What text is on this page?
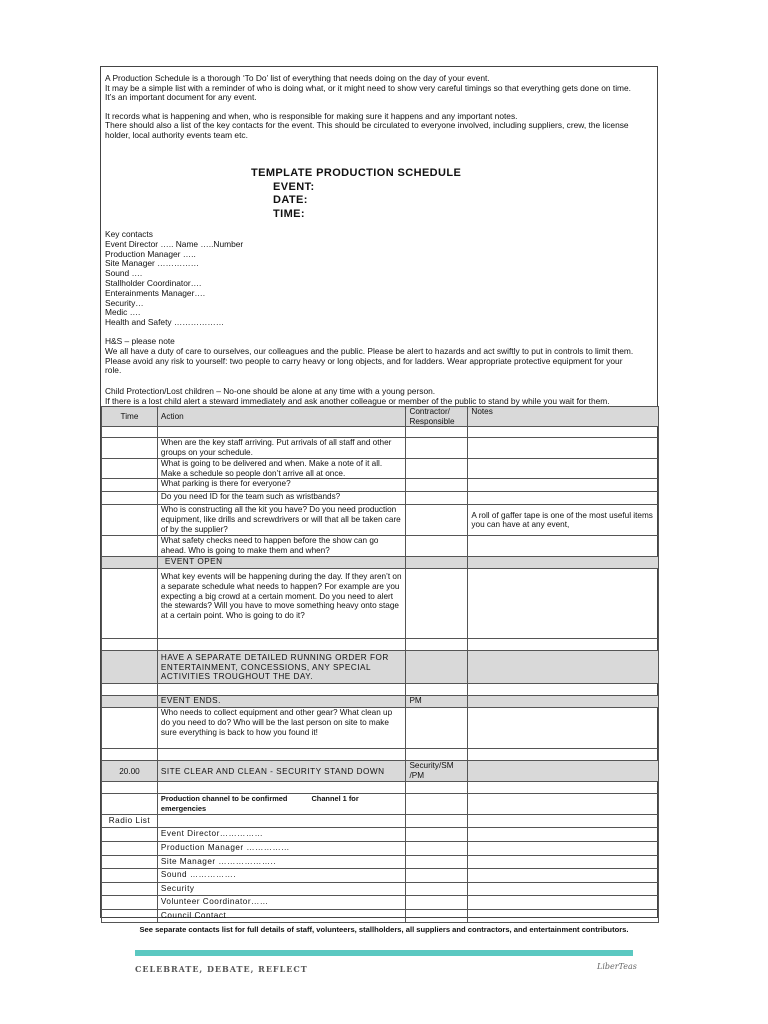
A Production Schedule is a thorough ‘To Do’ list of everything that needs doing on the day of your event.

It may be a simple list with a reminder of who is doing what, or it might need to show very careful timings so that everything gets done on time.

It’s an important document for any event.

It records what is happening and when, who is responsible for making sure it happens and any important notes.

There should also a list of the key contacts for the event. This should be circulated to everyone involved, including suppliers, crew, the license

holder, local authority events team etc.

TEMPLATE PRODUCTION SCHEDULE
EVENT:
DATE:
TIME:
Key contacts
Event Director ….. Name …..Number
Production Manager …..
Site Manager ……………
Sound ….
Stallholder Coordinator….
Enterainments Manager….
Security…
Medic ….
Health and Safety ………………

H&S – please note

We all have a duty of care to ourselves, our colleagues and the public. Please be alert to hazards and act swiftly to put in controls to limit them.

Please avoid any risk to yourself: two people to carry heavy or long objects, and for ladders. Wear appropriate protective equipment for your

role.

Child Protection/Lost children – No-one should be alone at any time with a young person.

If there is a lost child alert a steward immediately and ask another colleague or member of the public to stand by while you wait for them.

Time	Action	Contractor/ Responsible	Notes

	When are the key staff arriving. Put arrivals of all staff and other groups on your schedule.		
	What is going to be delivered and when. Make a note of it all. Make a schedule so people don’t arrive all at once.		
	What parking is there for everyone?		
	Do you need ID for the team such as wristbands?		
	Who is constructing all the kit you have? Do you need production equipment, like drills and screwdrivers or will that all be taken care of by the supplier?		A roll of gaffer tape is one of the most useful items you can have at any event,
	What safety checks need to happen before the show can go ahead. Who is going to make them and when?		
	EVENT OPEN		
	What key events will be happening during the day. If they aren’t on a separate schedule what needs to happen? For example are you expecting a big crowd at a certain moment. Do you need to alert the stewards? Will you have to move something heavy onto stage at a certain point. Who is going to do it?		

	HAVE A SEPARATE DETAILED RUNNING ORDER FOR ENTERTAINMENT, CONCESSIONS, ANY SPECIAL ACTIVITIES TROUGHOUT THE DAY.		

	EVENT ENDS.	PM	
	Who needs to collect equipment and other gear? What clean up do you need to do? Who will be the last person on site to make sure everything is back to how you found it!		

20.00	SITE CLEAR AND CLEAN - SECURITY STAND DOWN	Security/SM /PM	

	Production channel to be confirmed Channel 1 for emergencies		
Radio List			
	Event Director……………		
	Production Manager ……………		
	Site Manager ………………..		
	Sound …………….		
	Security		
	Volunteer Coordinator……		
	Council Contact		
See separate contacts list for full details of staff, volunteers, stallholders, all suppliers and contractors, and entertainment contributors.
CELEBRATE, DEBATE, REFLECT	LiberTeas
